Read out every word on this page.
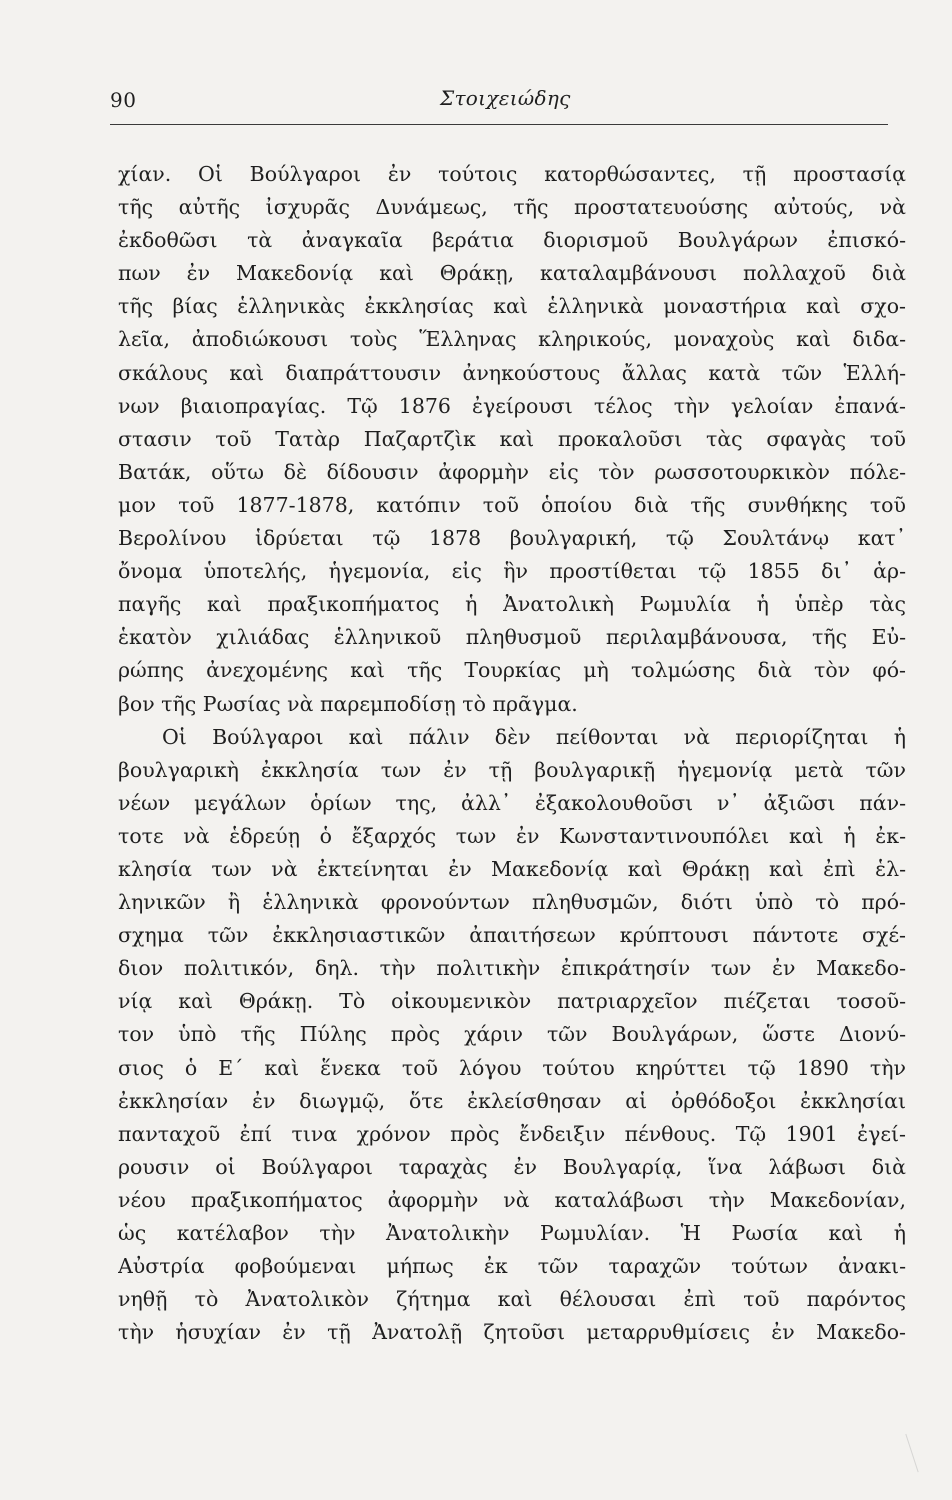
90	Στοιχειώδης
χίαν. Οἱ Βούλγαροι ἐν τούτοις κατορθώσαντες, τῇ προστασίᾳ
τῆς αὐτῆς ἰσχυρᾶς Δυνάμεως, τῆς προστατευούσης αὐτούς, νὰ
ἐκδοθῶσι τὰ ἀναγκαῖα βεράτια διορισμοῦ Βουλγάρων ἐπισκό-
πων ἐν Μακεδονίᾳ καὶ Θράκῃ, καταλαμβάνουσι πολλαχοῦ διὰ
τῆς βίας ἑλληνικὰς ἐκκλησίας καὶ ἑλληνικὰ μοναστήρια καὶ σχο-
λεῖα, ἀποδιώκουσι τοὺς Ἕλληνας κληρικούς, μοναχοὺς καὶ διδα-
σκάλους καὶ διαπράττουσιν ἀνηκούστους ἄλλας κατὰ τῶν Ἑλλή-
νων βιαιοπραγίας. Τῷ 1876 ἐγείρουσι τέλος τὴν γελοίαν ἐπανά-
στασιν τοῦ Τατὰρ Παζαρτζὶκ καὶ προκαλοῦσι τὰς σφαγὰς τοῦ
Βατάκ, οὕτω δὲ δίδουσιν ἀφορμὴν εἰς τὸν ρωσσοτουρκικὸν πόλε-
μον τοῦ 1877-1878, κατόπιν τοῦ ὁποίου διὰ τῆς συνθήκης τοῦ
Βερολίνου ἱδρύεται τῷ 1878 βουλγαρική, τῷ Σουλτάνῳ κατ᾿
ὄνομα ὑποτελής, ἡγεμονία, εἰς ἣν προστίθεται τῷ 1855 δι᾿ ἁρ-
παγῆς καὶ πραξικοπήματος ἡ Ἀνατολικὴ Ρωμυλία ἡ ὑπὲρ τὰς
ἑκατὸν χιλιάδας ἑλληνικοῦ πληθυσμοῦ περιλαμβάνουσα, τῆς Εὐ-
ρώπης ἀνεχομένης καὶ τῆς Τουρκίας μὴ τολμώσης διὰ τὸν φό-
βον τῆς Ρωσίας νὰ παρεμποδίσῃ τὸ πρᾶγμα.
Οἱ Βούλγαροι καὶ πάλιν δὲν πείθονται νὰ περιορίζηται ἡ
βουλγαρικὴ ἐκκλησία των ἐν τῇ βουλγαρικῇ ἡγεμονίᾳ μετὰ τῶν
νέων μεγάλων ὁρίων της, ἀλλ᾿ ἐξακολουθοῦσι ν᾿ ἀξιῶσι πάν-
τοτε νὰ ἑδρεύῃ ὁ ἔξαρχός των ἐν Κωνσταντινουπόλει καὶ ἡ ἐκ-
κλησία των νὰ ἐκτείνηται ἐν Μακεδονίᾳ καὶ Θράκῃ καὶ ἐπὶ ἑλ-
ληνικῶν ἢ ἑλληνικὰ φρονούντων πληθυσμῶν, διότι ὑπὸ τὸ πρό-
σχημα τῶν ἐκκλησιαστικῶν ἀπαιτήσεων κρύπτουσι πάντοτε σχέ-
διον πολιτικόν, δηλ. τὴν πολιτικὴν ἐπικράτησίν των ἐν Μακεδο-
νίᾳ καὶ Θράκῃ. Τὸ οἰκουμενικὸν πατριαρχεῖον πιέζεται τοσοῦ-
τον ὑπὸ τῆς Πύλης πρὸς χάριν τῶν Βουλγάρων, ὥστε Διονύ-
σιος ὁ Ε΄ καὶ ἕνεκα τοῦ λόγου τούτου κηρύττει τῷ 1890 τὴν
ἐκκλησίαν ἐν διωγμῷ, ὅτε ἐκλείσθησαν αἱ ὀρθόδοξοι ἐκκλησίαι
πανταχοῦ ἐπί τινα χρόνον πρὸς ἔνδειξιν πένθους. Τῷ 1901 ἐγεί-
ρουσιν οἱ Βούλγαροι ταραχὰς ἐν Βουλγαρίᾳ, ἵνα λάβωσι διὰ
νέου πραξικοπήματος ἀφορμὴν νὰ καταλάβωσι τὴν Μακεδονίαν,
ὡς κατέλαβον τὴν Ἀνατολικὴν Ρωμυλίαν. Ἡ Ρωσία καὶ ἡ
Αὐστρία φοβούμεναι μήπως ἐκ τῶν ταραχῶν τούτων ἀνακι-
νηθῇ τὸ Ἀνατολικὸν ζήτημα καὶ θέλουσαι ἐπὶ τοῦ παρόντος
τὴν ἡσυχίαν ἐν τῇ Ἀνατολῇ ζητοῦσι μεταρρυθμίσεις ἐν Μακεδο-
